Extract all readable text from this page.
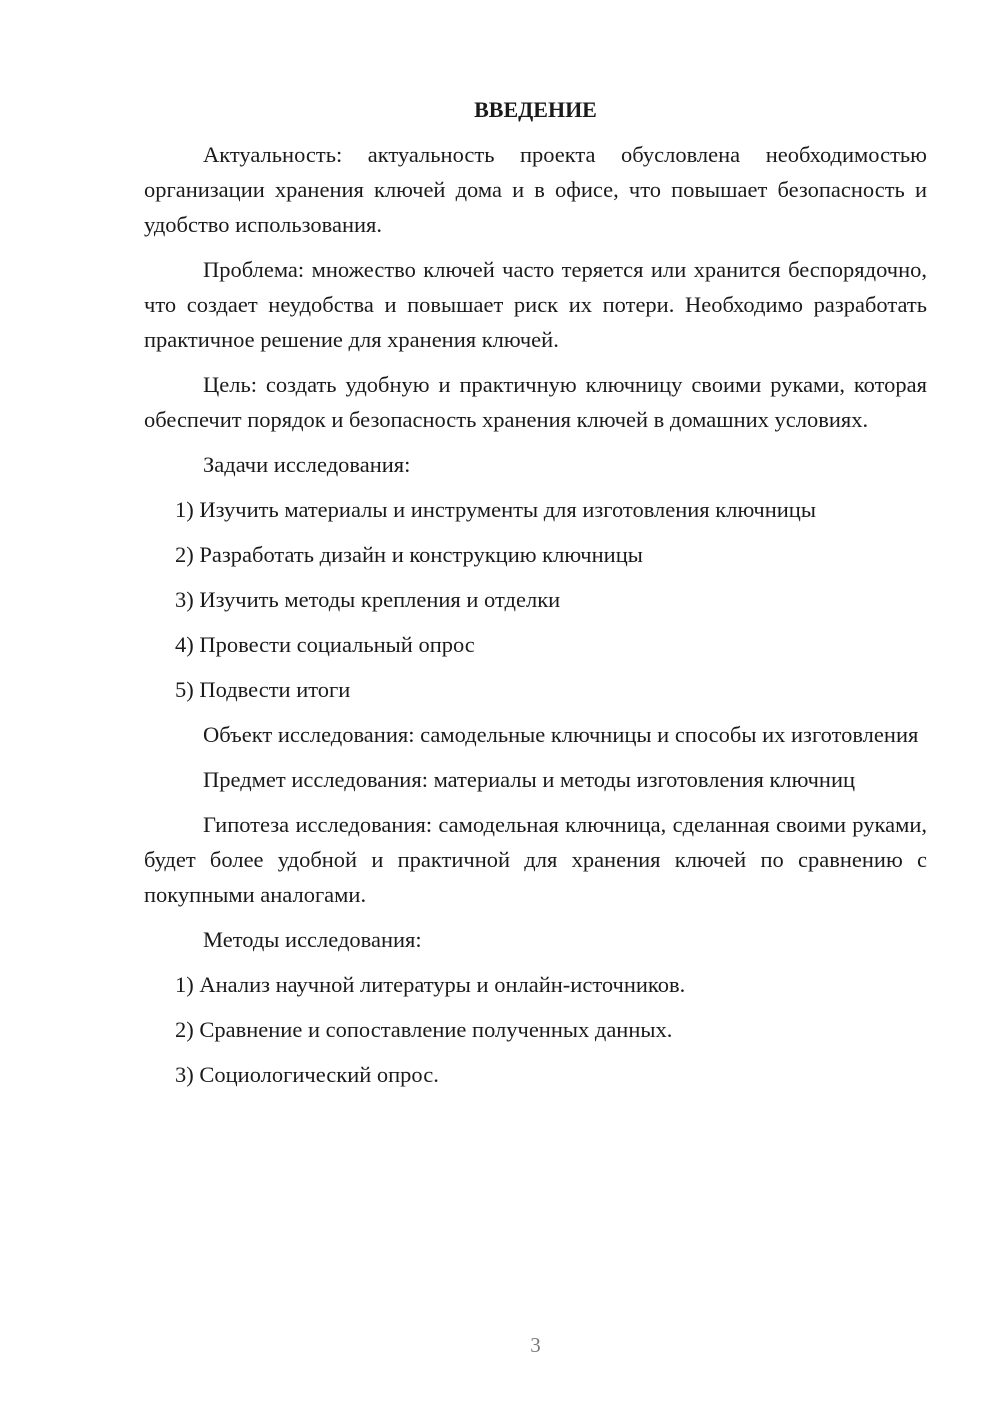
ВВЕДЕНИЕ

Актуальность: актуальность проекта обусловлена необходимостью организации хранения ключей дома и в офисе, что повышает безопасность и удобство использования.

Проблема: множество ключей часто теряется или хранится беспорядочно, что создает неудобства и повышает риск их потери. Необходимо разработать практичное решение для хранения ключей.

Цель: создать удобную и практичную ключницу своими руками, которая обеспечит порядок и безопасность хранения ключей в домашних условиях.

Задачи исследования:

1) Изучить материалы и инструменты для изготовления ключницы

2) Разработать дизайн и конструкцию ключницы

3) Изучить методы крепления и отделки

4) Провести социальный опрос

5) Подвести итоги

Объект исследования: самодельные ключницы и способы их изготовления

Предмет исследования: материалы и методы изготовления ключниц

Гипотеза исследования: самодельная ключница, сделанная своими руками, будет более удобной и практичной для хранения ключей по сравнению с покупными аналогами.

Методы исследования:

1) Анализ научной литературы и онлайн-источников.

2) Сравнение и сопоставление полученных данных.

3) Социологический опрос.

3
